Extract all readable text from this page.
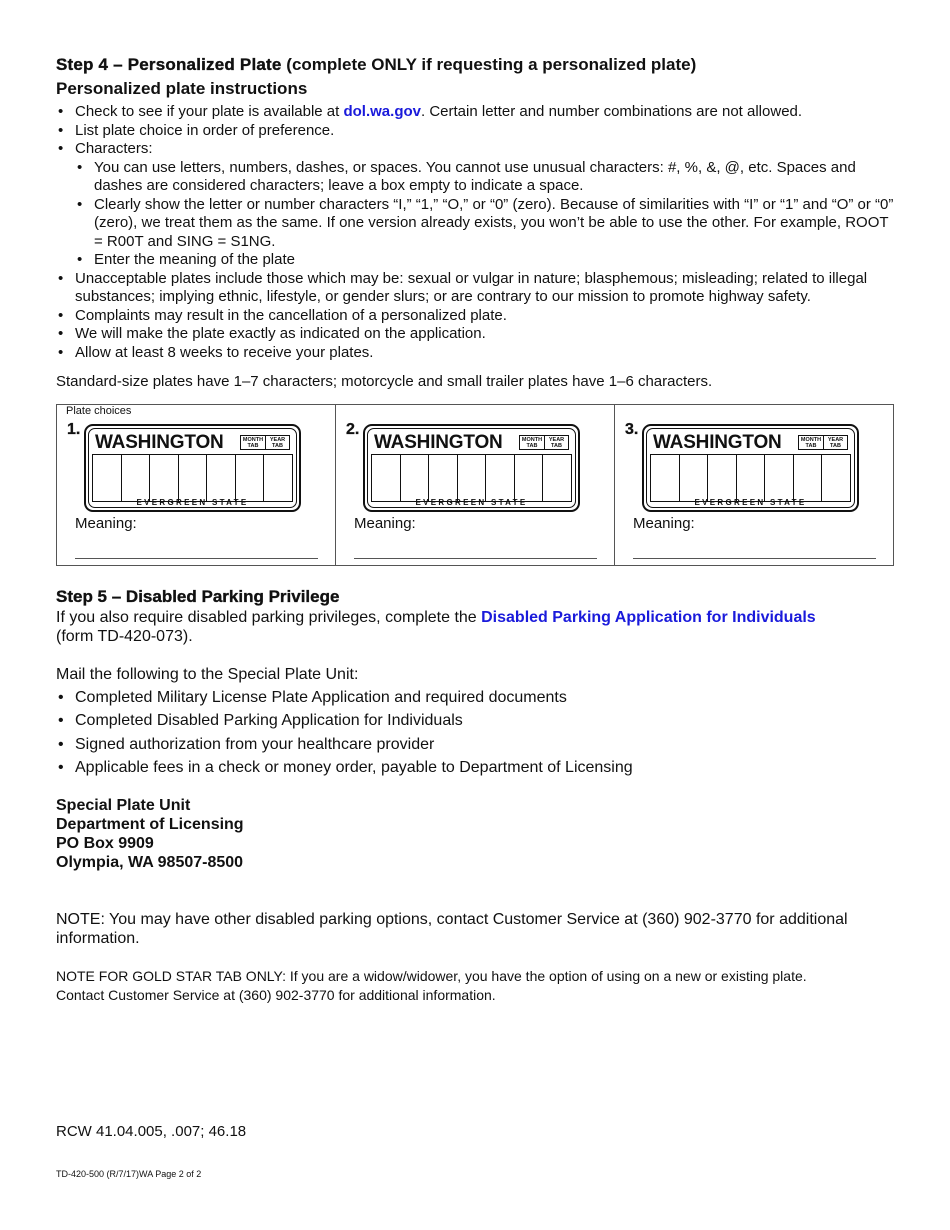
Step 4 – Personalized Plate (complete ONLY if requesting a personalized plate)
Personalized plate instructions
• Check to see if your plate is available at dol.wa.gov. Certain letter and number combinations are not allowed.
• List plate choice in order of preference.
• Characters:
• You can use letters, numbers, dashes, or spaces. You cannot use unusual characters: #, %, &, @, etc. Spaces and dashes are considered characters; leave a box empty to indicate a space.
• Clearly show the letter or number characters “I,” “1,” “O,” or “0” (zero). Because of similarities with “I” or “1” and “O” or “0” (zero), we treat them as the same. If one version already exists, you won’t be able to use the other. For example, ROOT = R00T and SING = S1NG.
• Enter the meaning of the plate
• Unacceptable plates include those which may be: sexual or vulgar in nature; blasphemous; misleading; related to illegal substances; implying ethnic, lifestyle, or gender slurs; or are contrary to our mission to promote highway safety.
• Complaints may result in the cancellation of a personalized plate.
• We will make the plate exactly as indicated on the application.
• Allow at least 8 weeks to receive your plates.
Standard-size plates have 1–7 characters; motorcycle and small trailer plates have 1–6 characters.
Plate choices
1.
WASHINGTON	MONTH TAB
YEAR TAB
EVERGREEN STATE
Meaning:
2.
WASHINGTON	MONTH TAB
YEAR TAB
EVERGREEN STATE
Meaning:
3.
WASHINGTON	MONTH TAB
YEAR TAB
EVERGREEN STATE
Meaning:
Step 5 – Disabled Parking Privilege
If you also require disabled parking privileges, complete the Disabled Parking Application for Individuals
(form TD-420-073).
Mail the following to the Special Plate Unit:
• Completed Military License Plate Application and required documents
• Completed Disabled Parking Application for Individuals
• Signed authorization from your healthcare provider
• Applicable fees in a check or money order, payable to Department of Licensing
Special Plate Unit
Department of Licensing
PO Box 9909
Olympia, WA 98507-8500
NOTE: You may have other disabled parking options, contact Customer Service at (360) 902-3770 for additional information.
NOTE FOR GOLD STAR TAB ONLY: If you are a widow/widower, you have the option of using on a new or existing plate.
Contact Customer Service at (360) 902-3770 for additional information.
RCW 41.04.005, .007; 46.18
TD-420-500 (R/7/17)WA Page 2 of 2
